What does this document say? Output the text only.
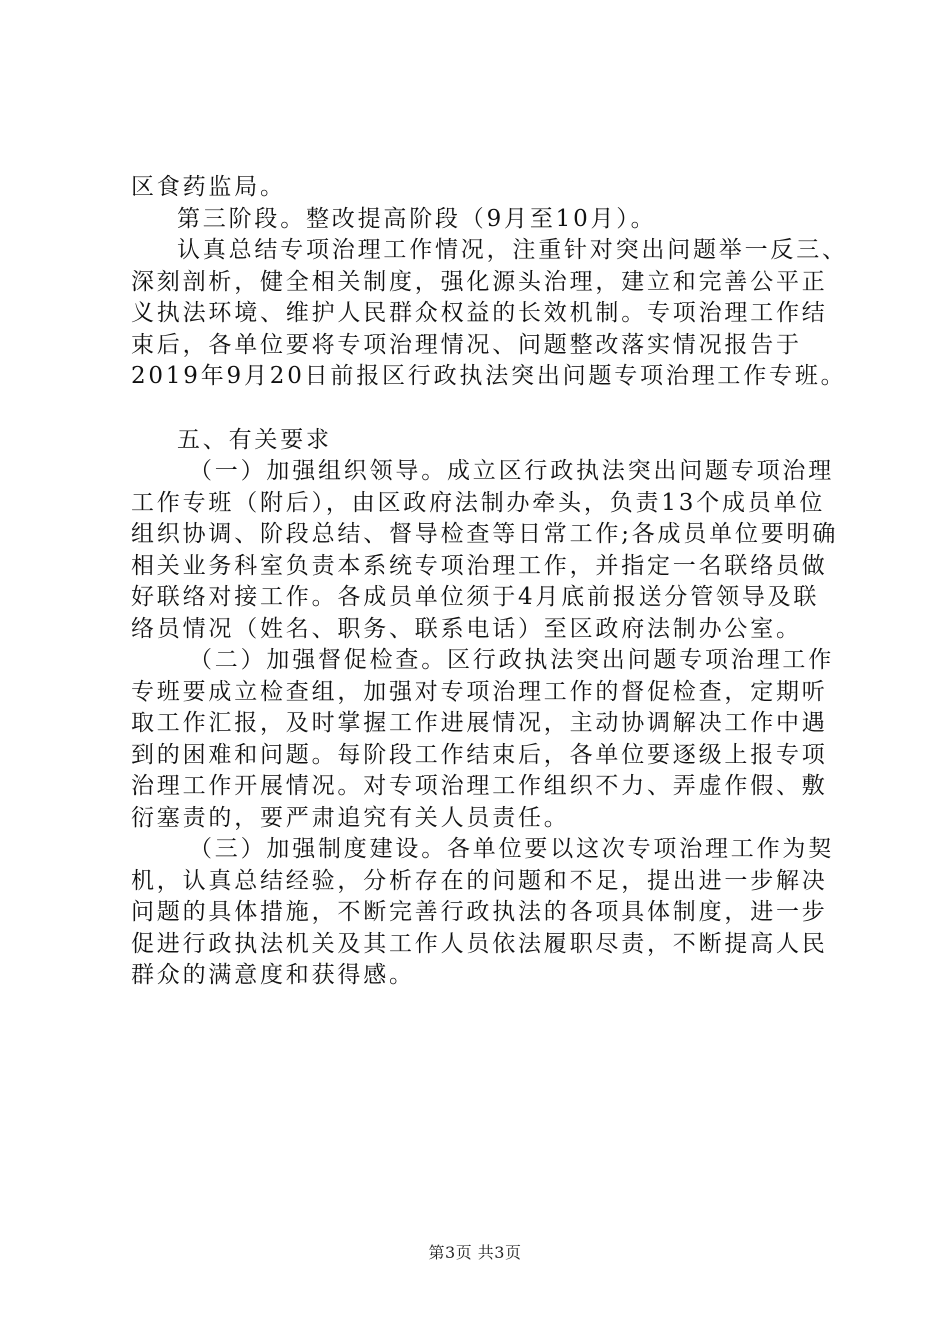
区食药监局。
第三阶段。整改提高阶段（9月至10月）。
认真总结专项治理工作情况，注重针对突出问题举一反三、
深刻剖析，健全相关制度，强化源头治理，建立和完善公平正
义执法环境、维护人民群众权益的长效机制。专项治理工作结
束后，各单位要将专项治理情况、问题整改落实情况报告于
2019年9月20日前报区行政执法突出问题专项治理工作专班。
五、有关要求
（一）加强组织领导。成立区行政执法突出问题专项治理
工作专班（附后），由区政府法制办牵头，负责13个成员单位
组织协调、阶段总结、督导检查等日常工作;各成员单位要明确
相关业务科室负责本系统专项治理工作，并指定一名联络员做
好联络对接工作。各成员单位须于4月底前报送分管领导及联
络员情况（姓名、职务、联系电话）至区政府法制办公室。
（二）加强督促检查。区行政执法突出问题专项治理工作
专班要成立检查组，加强对专项治理工作的督促检查，定期听
取工作汇报，及时掌握工作进展情况，主动协调解决工作中遇
到的困难和问题。每阶段工作结束后，各单位要逐级上报专项
治理工作开展情况。对专项治理工作组织不力、弄虚作假、敷
衍塞责的，要严肃追究有关人员责任。
（三）加强制度建设。各单位要以这次专项治理工作为契
机，认真总结经验，分析存在的问题和不足，提出进一步解决
问题的具体措施，不断完善行政执法的各项具体制度，进一步
促进行政执法机关及其工作人员依法履职尽责，不断提高人民
群众的满意度和获得感。
第3页 共3页
